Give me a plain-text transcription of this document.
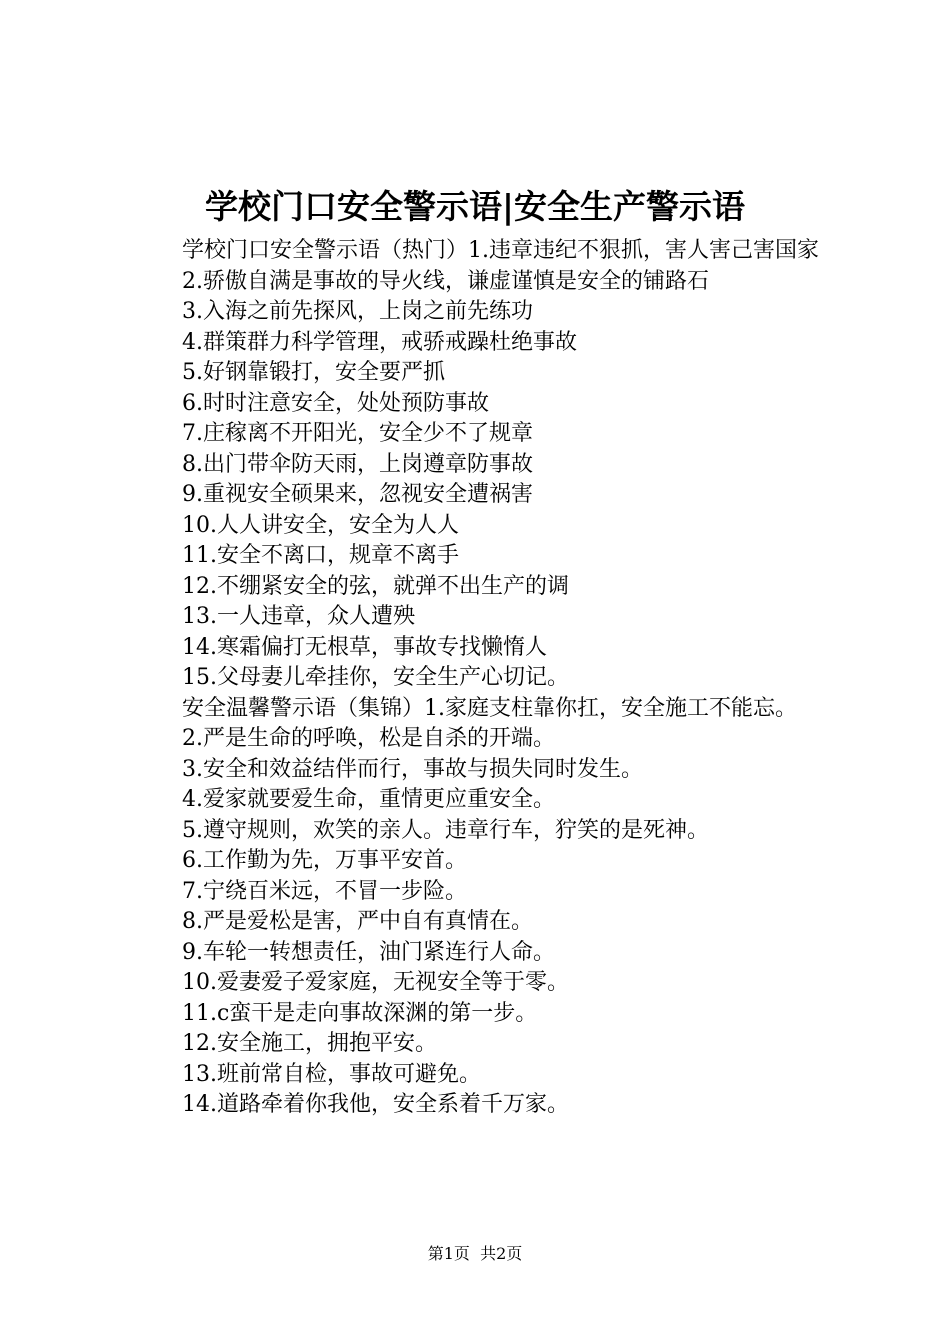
学校门口安全警示语|安全生产警示语

学校门口安全警示语（热门）1.违章违纪不狠抓，害人害己害国家

2.骄傲自满是事故的导火线，谦虚谨慎是安全的铺路石

3.入海之前先探风，上岗之前先练功

4.群策群力科学管理，戒骄戒躁杜绝事故

5.好钢靠锻打，安全要严抓

6.时时注意安全，处处预防事故

7.庄稼离不开阳光，安全少不了规章

8.出门带伞防天雨，上岗遵章防事故

9.重视安全硕果来，忽视安全遭祸害

10.人人讲安全，安全为人人

11.安全不离口，规章不离手

12.不绷紧安全的弦，就弹不出生产的调

13.一人违章，众人遭殃

14.寒霜偏打无根草，事故专找懒惰人

15.父母妻儿牵挂你，安全生产心切记。

安全温馨警示语（集锦）1.家庭支柱靠你扛，安全施工不能忘。

2.严是生命的呼唤，松是自杀的开端。

3.安全和效益结伴而行，事故与损失同时发生。

4.爱家就要爱生命，重情更应重安全。

5.遵守规则，欢笑的亲人。违章行车，狞笑的是死神。

6.工作勤为先，万事平安首。

7.宁绕百米远，不冒一步险。

8.严是爱松是害，严中自有真情在。

9.车轮一转想责任，油门紧连行人命。

10.爱妻爱子爱家庭，无视安全等于零。

11.c蛮干是走向事故深渊的第一步。

12.安全施工，拥抱平安。

13.班前常自检，事故可避免。

14.道路牵着你我他，安全系着千万家。

第1页  共2页
